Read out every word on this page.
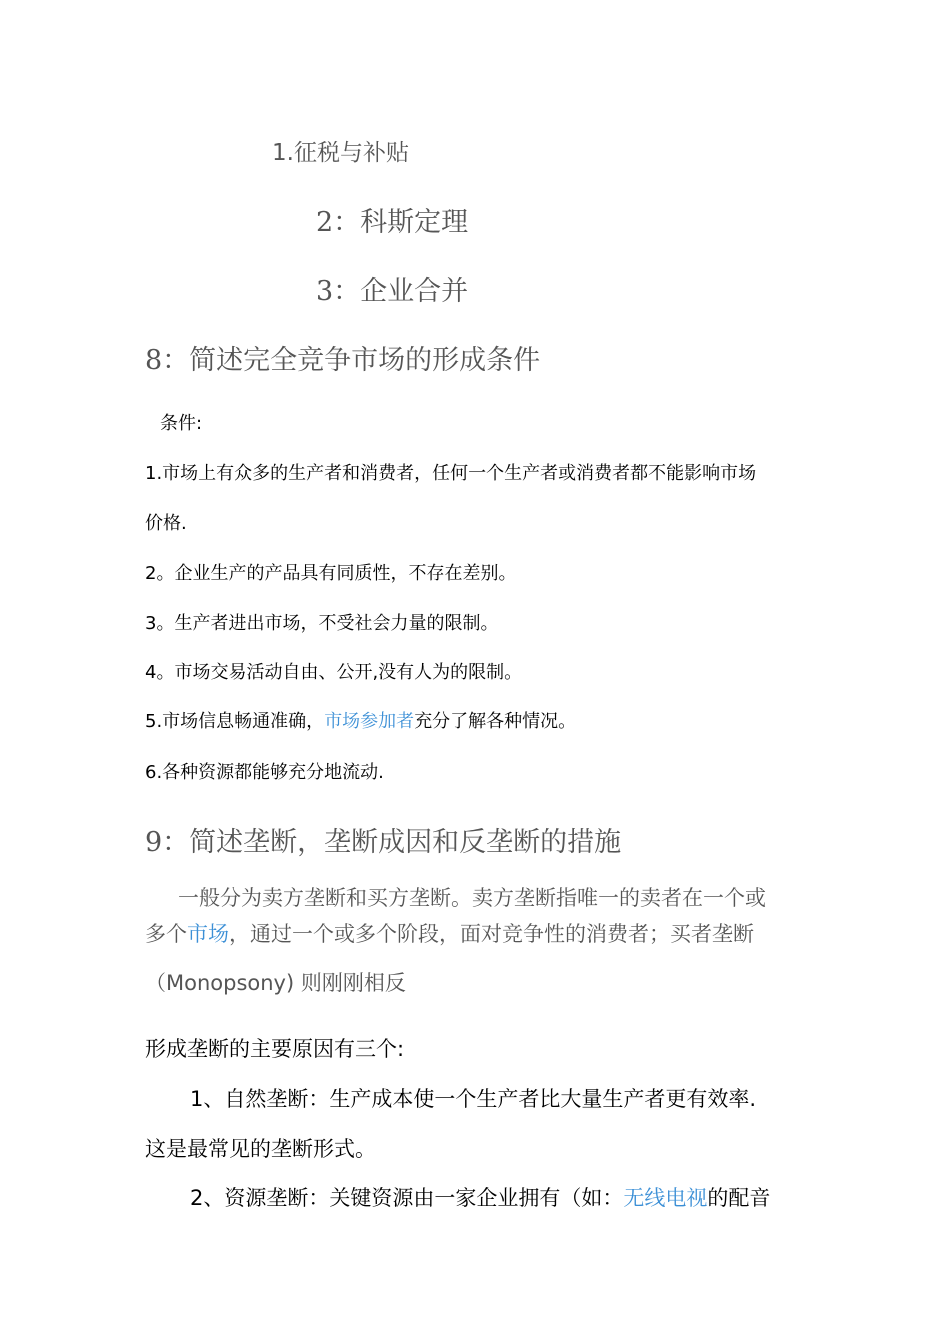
1.征税与补贴

2：科斯定理

3：企业合并

8：简述完全竞争市场的形成条件

条件:

1.市场上有众多的生产者和消费者，任何一个生产者或消费者都不能影响市场

价格.

2。企业生产的产品具有同质性，不存在差别。

3。生产者进出市场，不受社会力量的限制。

4。市场交易活动自由、公开,没有人为的限制。

5.市场信息畅通准确，市场参加者充分了解各种情况。

6.各种资源都能够充分地流动.

9：简述垄断，垄断成因和反垄断的措施

一般分为卖方垄断和买方垄断。卖方垄断指唯一的卖者在一个或

多个市场，通过一个或多个阶段，面对竞争性的消费者；买者垄断

（Monopsony) 则刚刚相反

形成垄断的主要原因有三个:

1、自然垄断：生产成本使一个生产者比大量生产者更有效率.

这是最常见的垄断形式。

2、资源垄断：关键资源由一家企业拥有（如：无线电视的配音
